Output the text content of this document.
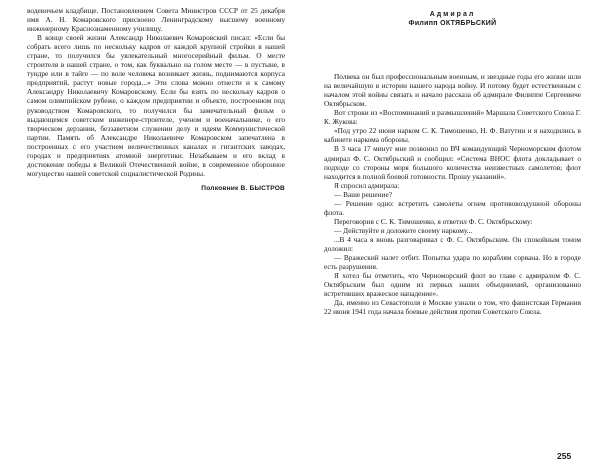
водевичьем кладбище. Постановлением Совета Министров СССР от 25 декабря имя А. Н. Комаровского присвоено Ленинградскому высшему военному инженерному Краснознаменному училищу.

В конце своей жизни Александр Николаевич Комаровский писал: «Если бы собрать всего лишь по нескольку кадров от каждой крупной стройки в нашей стране, то получился бы увлекательный многосерийный фильм. О месте строителя в нашей стране, о том, как буквально на голом месте — в пустыне, в тундре или в тайге — по воле человека возникает жизнь, поднимаются корпуса предприятий, растут новые города...» Эти слова можно отнести и к самому Александру Николаевичу Комаровскому. Если бы взять по нескольку кадров о самом олимпийском рубеже, о каждом предприятии и объекте, построенном под руководством Комаровского, то получился бы замечательный фильм о выдающемся советском инженере-строителе, ученом и военачальнике, о его творческом дерзании, беззаветном служении делу и идеям Коммунистической партии. Память об Александре Николаевиче Комаровском запечатлена в построенных с его участием величественных каналах и гигантских заводах, городах и предприятиях атомной энергетики. Незабываем и его вклад в достижение победы в Великой Отечественной войне, в современное оборонное могущество нашей советской социалистической Родины.

Полковник В. БЫСТРОВ
Адмирал
Филипп ОКТЯБРЬСКИЙ

Полвека он был профессиональным военным, и звездные годы его жизни шли на величайшую в истории нашего народа войну. И потому будет естественным с началом этой войны связать и начало рассказа об адмирале Филиппе Сергеевиче Октябрьском.

Вот строки из «Воспоминаний и размышлений» Маршала Советского Союза Г. К. Жукова:

«Под утро 22 июня нарком С. К. Тимошенко, Н. Ф. Ватутин и я находились в кабинете наркома обороны.

В 3 часа 17 минут мне позвонил по ВЧ командующий Черноморским флотом адмирал Ф. С. Октябрьский и сообщил: «Система ВНОС флота докладывает о подходе со стороны моря большого количества неизвестных самолетов; флот находится в полной боевой готовности. Прошу указаний».

Я спросил адмирала:

— Ваше решение?

— Решение одно: встретить самолеты огнем противовоздушной обороны флота.

Переговорив с С. К. Тимошенко, я ответил Ф. С. Октябрьскому:

— Действуйте и доложите своему наркому...

...В 4 часа я вновь разговаривал с Ф. С. Октябрьским. Он спокойным тоном доложил:

— Вражеский налет отбит. Попытка удара по кораблям сорвана. Но в городе есть разрушения.

Я хотел бы отметить, что Черноморский флот во главе с адмиралом Ф. С. Октябрьским был одним из первых наших объединений, организованно встретивших вражеское нападение».

Да, именно из Севастополя в Москве узнали о том, что фашистская Германия 22 июня 1941 года начала боевые действия против Советского Союза.

255
